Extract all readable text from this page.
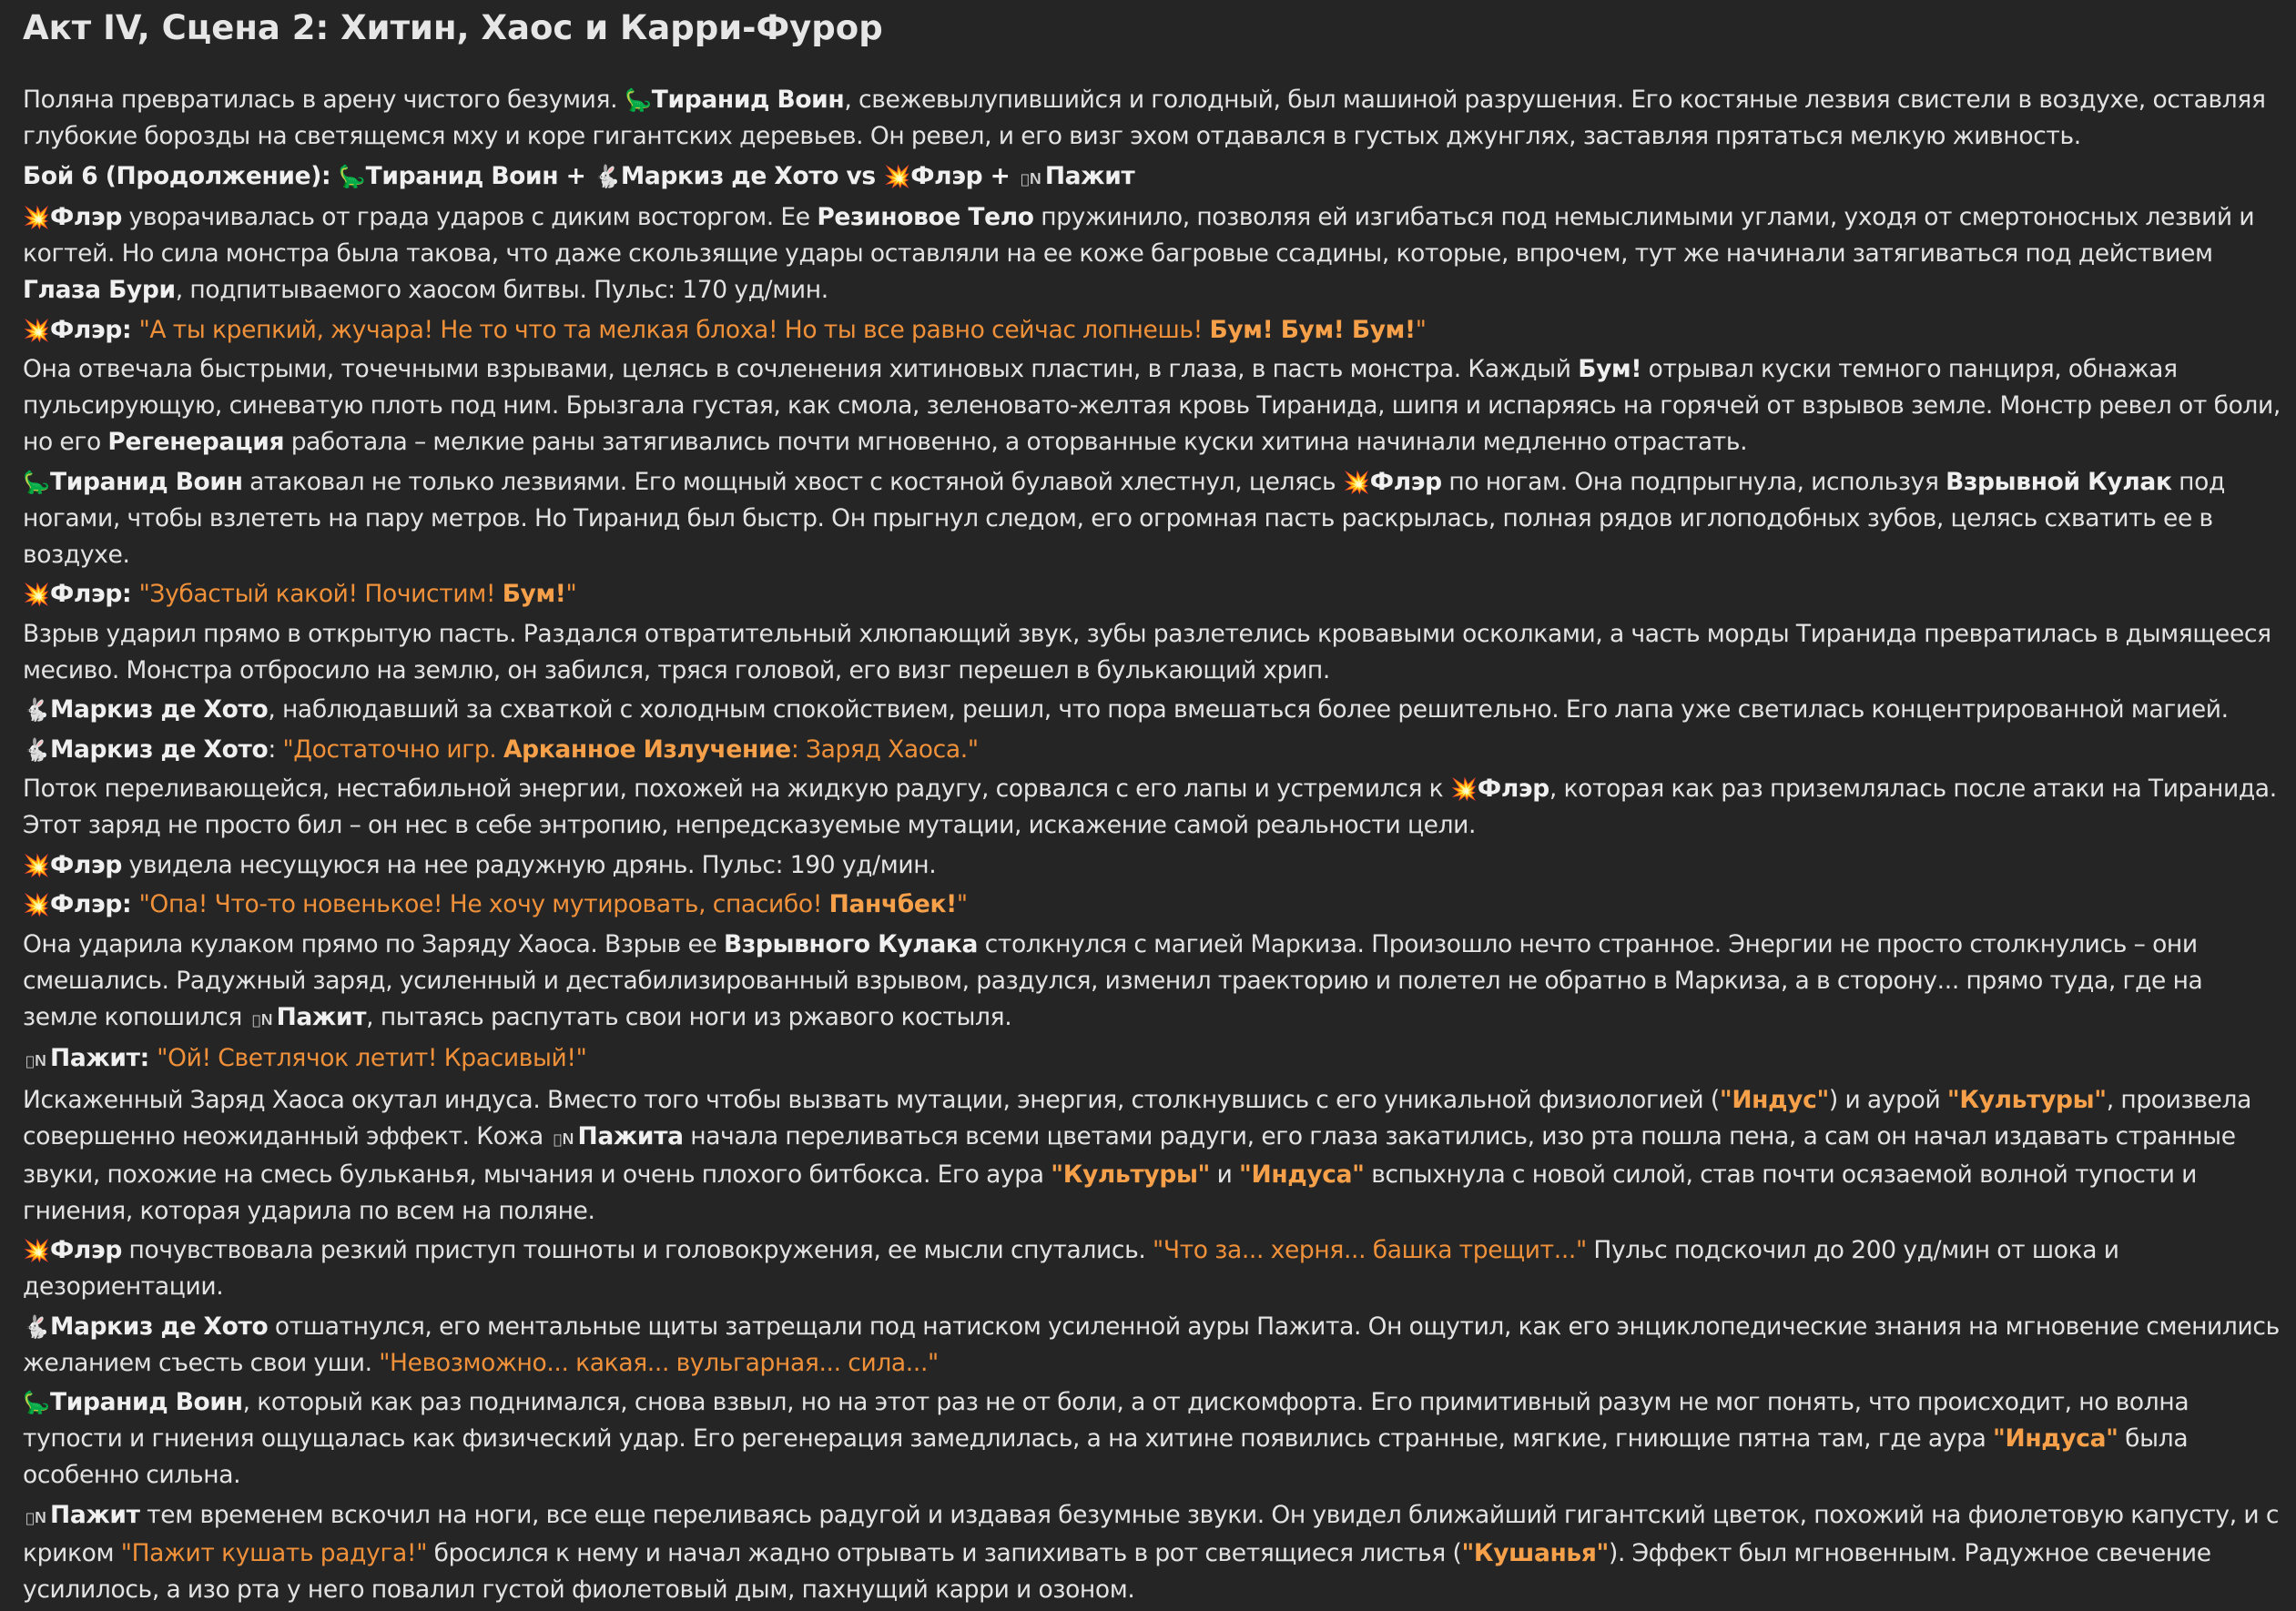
Акт IV, Сцена 2: Хитин, Хаос и Карри-Фурор
Поляна превратилась в арену чистого безумия. 🦕Тиранид Воин, свежевылупившийся и голодный, был машиной разрушения. Его костяные лезвия свистели в воздухе, оставляя глубокие борозды на светящемся мху и коре гигантских деревьев. Он ревел, и его визг эхом отдавался в густых джунглях, заставляя прятаться мелкую живность.
Бой 6 (Продолжение): 🦕Тиранид Воин + 🐇Маркиз де Хото vs 💥Флэр + ɪɴ Пажит
💥Флэр уворачивалась от града ударов с диким восторгом. Ее Резиновое Тело пружинило, позволяя ей изгибаться под немыслимыми углами, уходя от смертоносных лезвий и когтей. Но сила монстра была такова, что даже скользящие удары оставляли на ее коже багровые ссадины, которые, впрочем, тут же начинали затягиваться под действием Глаза Бури, подпитываемого хаосом битвы. Пульс: 170 уд/мин.
💥Флэр: "А ты крепкий, жучара! Не то что та мелкая блоха! Но ты все равно сейчас лопнешь! Бум! Бум! Бум!"
Она отвечала быстрыми, точечными взрывами, целясь в сочленения хитиновых пластин, в глаза, в пасть монстра. Каждый Бум! отрывал куски темного панциря, обнажая пульсирующую, синеватую плоть под ним. Брызгала густая, как смола, зеленовато-желтая кровь Тиранида, шипя и испаряясь на горячей от взрывов земле. Монстр ревел от боли, но его Регенерация работала – мелкие раны затягивались почти мгновенно, а оторванные куски хитина начинали медленно отрастать.
🦕Тиранид Воин атаковал не только лезвиями. Его мощный хвост с костяной булавой хлестнул, целясь 💥Флэр по ногам. Она подпрыгнула, используя Взрывной Кулак под ногами, чтобы взлететь на пару метров. Но Тиранид был быстр. Он прыгнул следом, его огромная пасть раскрылась, полная рядов иглоподобных зубов, целясь схватить ее в воздухе.
💥Флэр: "Зубастый какой! Почистим! Бум!"
Взрыв ударил прямо в открытую пасть. Раздался отвратительный хлюпающий звук, зубы разлетелись кровавыми осколками, а часть морды Тиранида превратилась в дымящееся месиво. Монстра отбросило на землю, он забился, тряся головой, его визг перешел в булькающий хрип.
🐇Маркиз де Хото, наблюдавший за схваткой с холодным спокойствием, решил, что пора вмешаться более решительно. Его лапа уже светилась концентрированной магией.
🐇Маркиз де Хото: "Достаточно игр. Арканное Излучение: Заряд Хаоса."
Поток переливающейся, нестабильной энергии, похожей на жидкую радугу, сорвался с его лапы и устремился к 💥Флэр, которая как раз приземлялась после атаки на Тиранида. Этот заряд не просто бил – он нес в себе энтропию, непредсказуемые мутации, искажение самой реальности цели.
💥Флэр увидела несущуюся на нее радужную дрянь. Пульс: 190 уд/мин.
💥Флэр: "Опа! Что-то новенькое! Не хочу мутировать, спасибо! Панчбек!"
Она ударила кулаком прямо по Заряду Хаоса. Взрыв ее Взрывного Кулака столкнулся с магией Маркиза. Произошло нечто странное. Энергии не просто столкнулись – они смешались. Радужный заряд, усиленный и дестабилизированный взрывом, раздулся, изменил траекторию и полетел не обратно в Маркиза, а в сторону... прямо туда, где на земле копошился ɪɴ Пажит, пытаясь распутать свои ноги из ржавого костыля.
ɪɴ Пажит: "Ой! Светлячок летит! Красивый!"
Искаженный Заряд Хаоса окутал индуса. Вместо того чтобы вызвать мутации, энергия, столкнувшись с его уникальной физиологией ("Индус") и аурой "Культуры", произвела совершенно неожиданный эффект. Кожа ɪɴ Пажита начала переливаться всеми цветами радуги, его глаза закатились, изо рта пошла пена, а сам он начал издавать странные звуки, похожие на смесь бульканья, мычания и очень плохого битбокса. Его аура "Культуры" и "Индуса" вспыхнула с новой силой, став почти осязаемой волной тупости и гниения, которая ударила по всем на поляне.
💥Флэр почувствовала резкий приступ тошноты и головокружения, ее мысли спутались. "Что за... херня... башка трещит..." Пульс подскочил до 200 уд/мин от шока и дезориентации.
🐇Маркиз де Хото отшатнулся, его ментальные щиты затрещали под натиском усиленной ауры Пажита. Он ощутил, как его энциклопедические знания на мгновение сменились желанием съесть свои уши. "Невозможно... какая... вульгарная... сила..."
🦕Тиранид Воин, который как раз поднимался, снова взвыл, но на этот раз не от боли, а от дискомфорта. Его примитивный разум не мог понять, что происходит, но волна тупости и гниения ощущалась как физический удар. Его регенерация замедлилась, а на хитине появились странные, мягкие, гниющие пятна там, где аура "Индуса" была особенно сильна.
ɪɴ Пажит тем временем вскочил на ноги, все еще переливаясь радугой и издавая безумные звуки. Он увидел ближайший гигантский цветок, похожий на фиолетовую капусту, и с криком "Пажит кушать радуга!" бросился к нему и начал жадно отрывать и запихивать в рот светящиеся листья ("Кушанья"). Эффект был мгновенным. Радужное свечение усилилось, а изо рта у него повалил густой фиолетовый дым, пахнущий карри и озоном.
